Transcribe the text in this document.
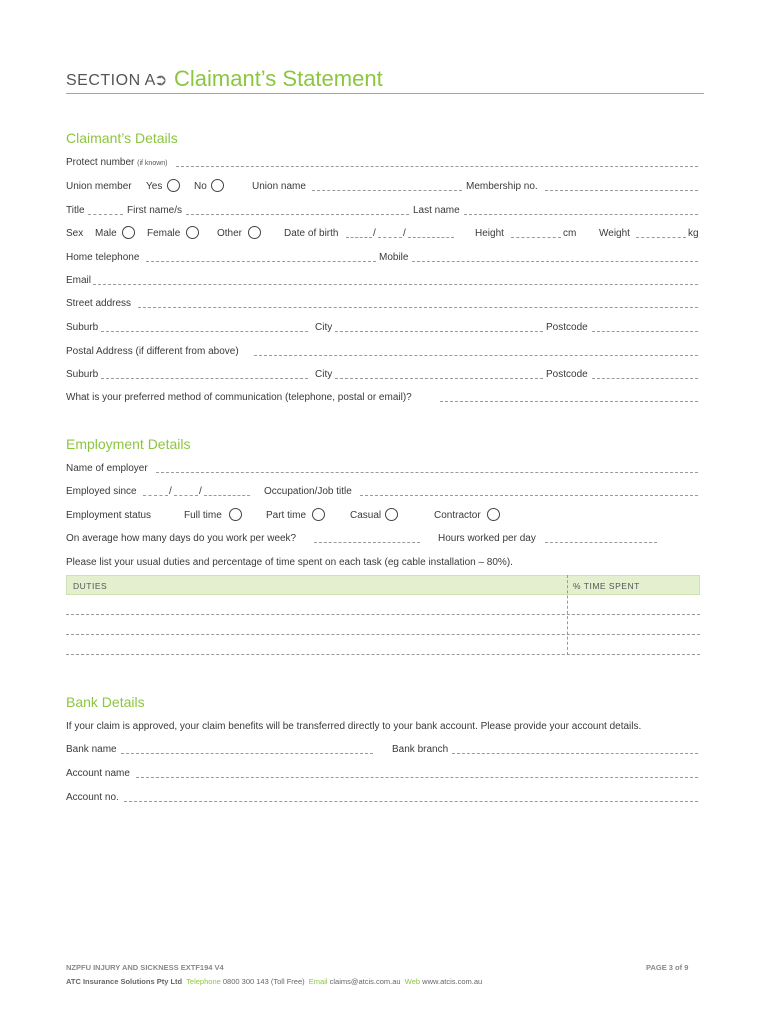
SECTION A
➲ Claimant’s Statement
Claimant’s Details
Protect number (if known)
Union member Yes	No	Union name	Membership no.
Title	First name/s	Last name
Sex Male	Female	Other	Date of birth	/	/	Height	cm Weight	kg
Home telephone	Mobile
Email
Street address
Suburb	City	Postcode
Postal Address (if different from above)
Suburb	City	Postcode
What is your preferred method of communication (telephone, postal or email)?
Employment Details
Name of employer
Employed since	/	/	Occupation/Job title
Employment status	Full time	Part time	Casual	Contractor
On average how many days do you work per week?	Hours worked per day
Please list your usual duties and percentage of time spent on each task (eg cable installation – 80%).
DUTIES	% TIME SPENT
Bank Details
If your claim is approved, your claim benefits will be transferred directly to your bank account. Please provide your account details.
Bank name	Bank branch
Account name
Account no.
NZPFU INJURY AND SICKNESS EXTF194 V4	PAGE 3 of 9
ATC Insurance Solutions Pty Ltd Telephone 0800 300 143 (Toll Free) Email claims@atcis.com.au Web www.atcis.com.au
